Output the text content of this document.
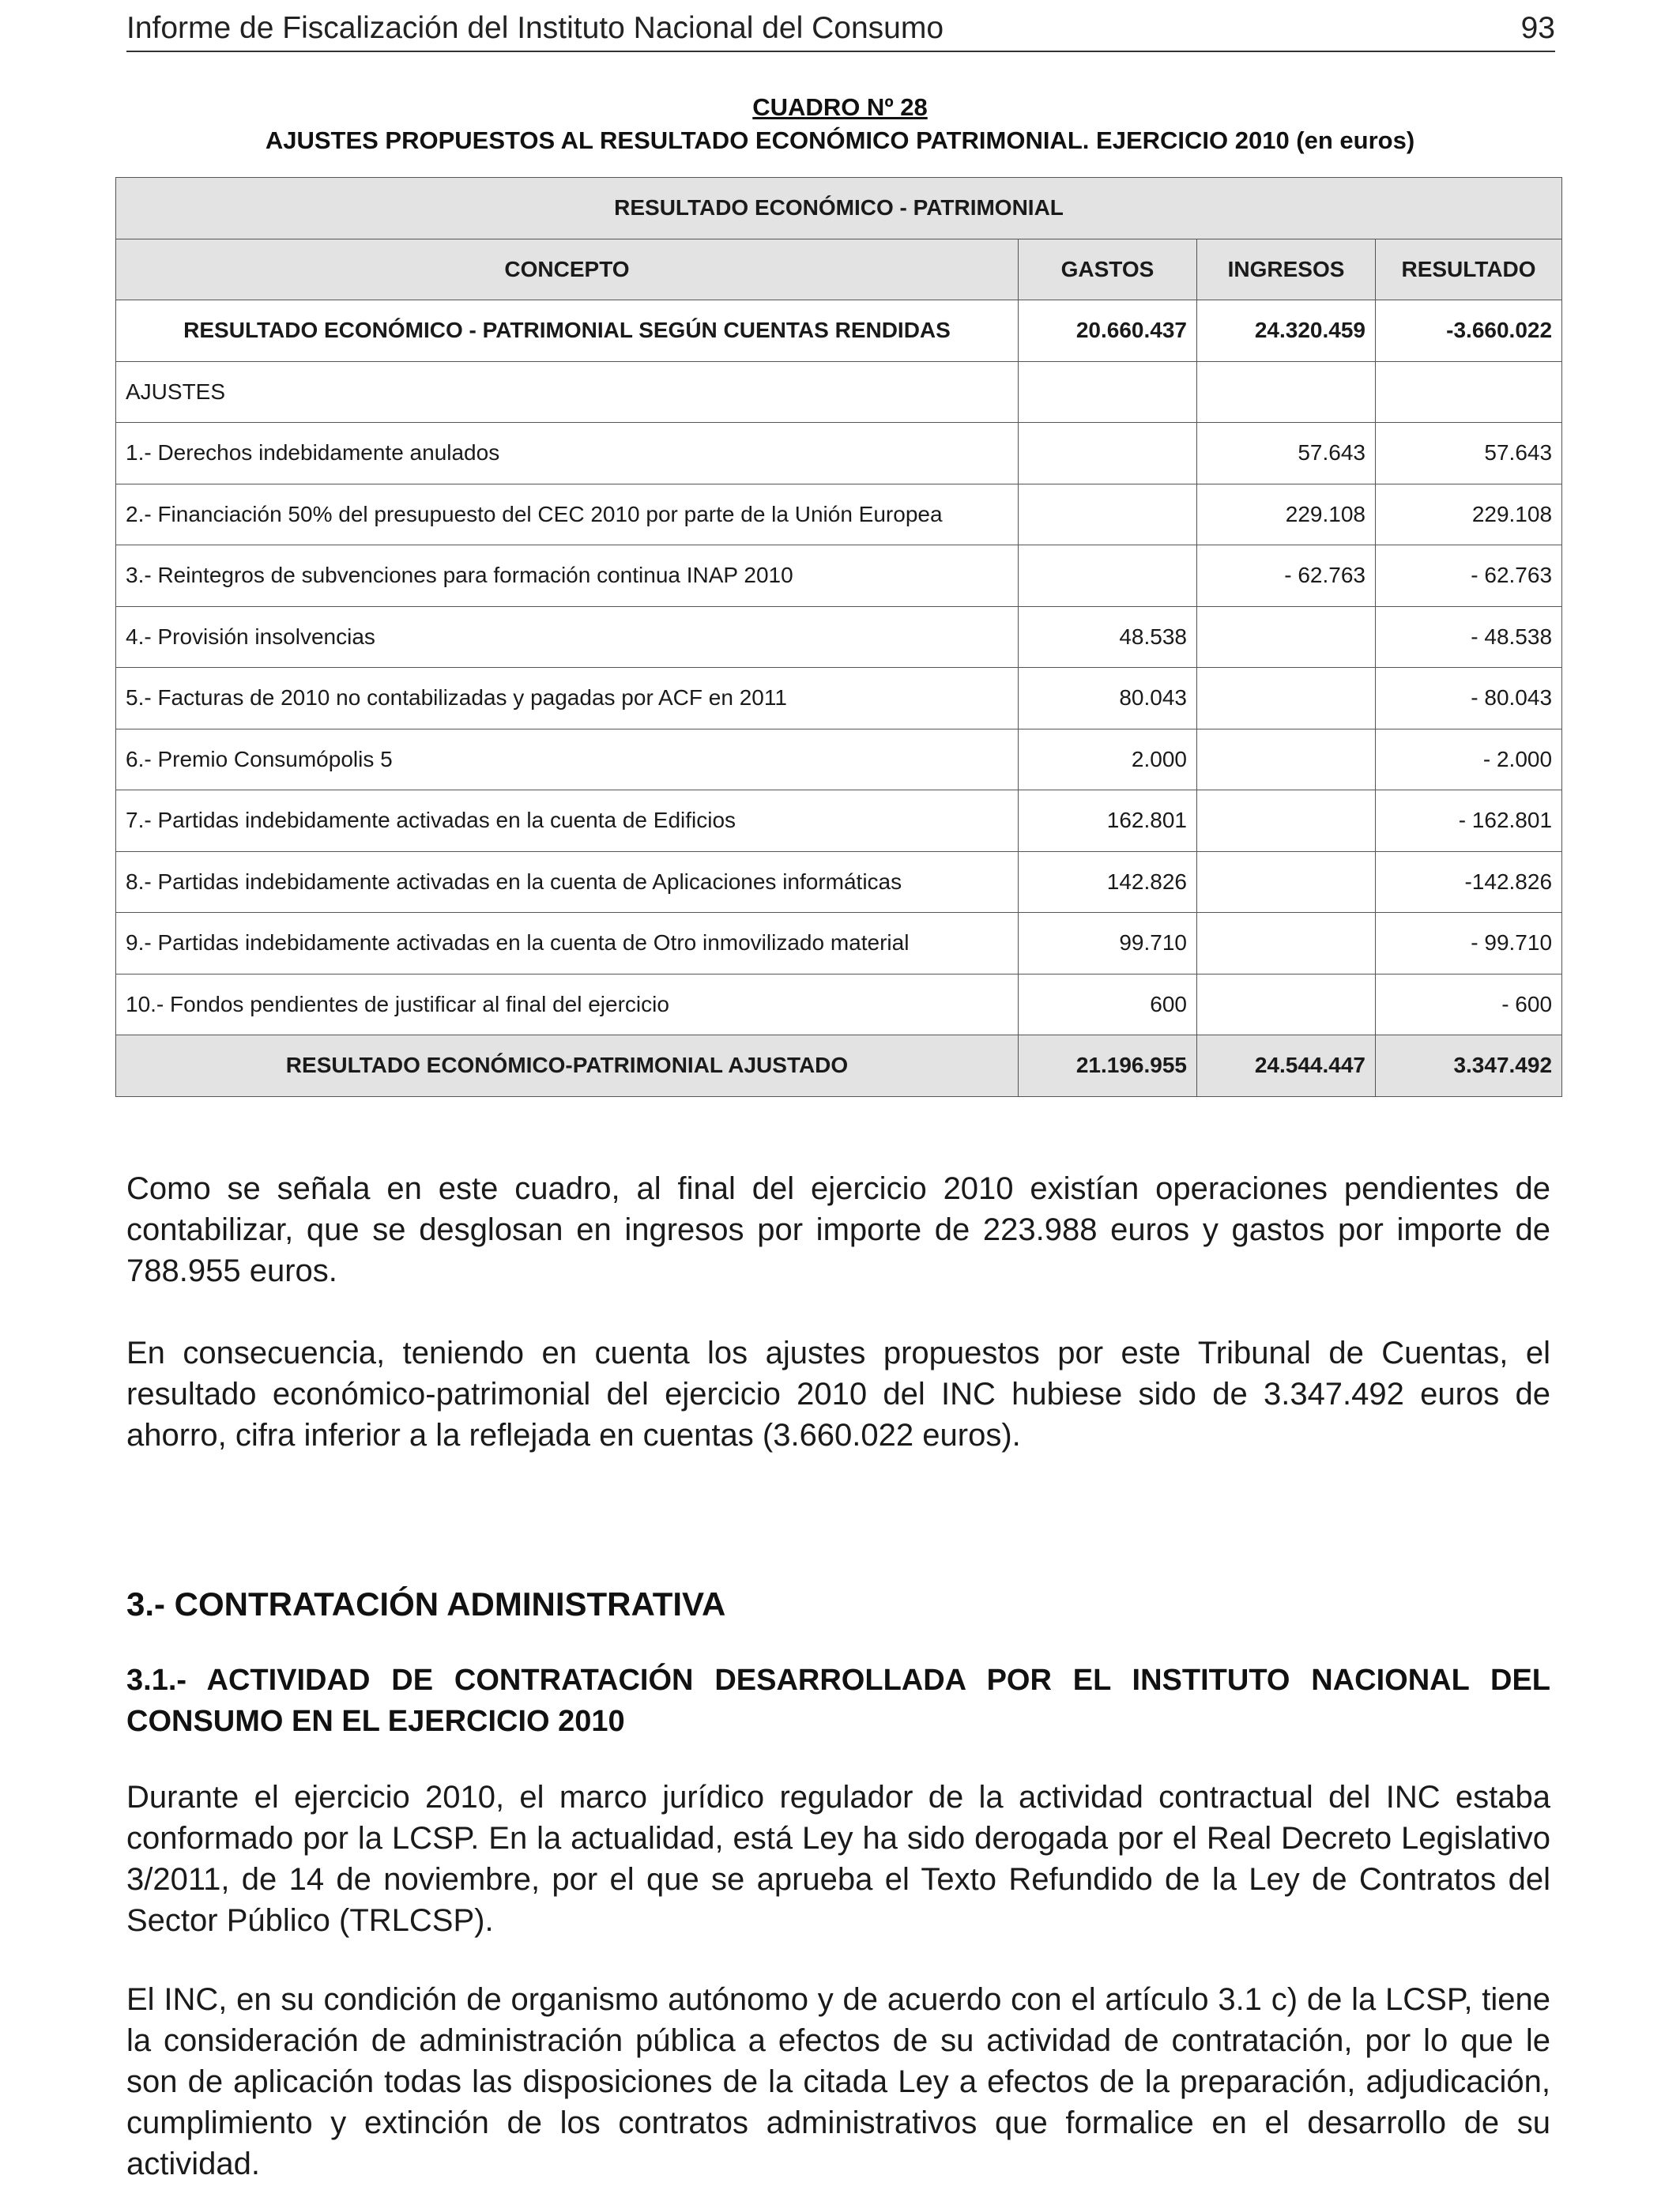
Informe de Fiscalización del Instituto Nacional del Consumo	93
CUADRO Nº 28
AJUSTES PROPUESTOS AL RESULTADO ECONÓMICO PATRIMONIAL. EJERCICIO 2010 (en euros)
RESULTADO ECONÓMICO - PATRIMONIAL			
CONCEPTO	GASTOS	INGRESOS	RESULTADO
RESULTADO ECONÓMICO - PATRIMONIAL SEGÚN CUENTAS RENDIDAS	20.660.437	24.320.459	-3.660.022
AJUSTES			
1.- Derechos indebidamente anulados		57.643	57.643
2.- Financiación 50% del presupuesto del CEC 2010 por parte de la Unión Europea		229.108	229.108
3.- Reintegros de subvenciones para formación continua INAP 2010		- 62.763	- 62.763
4.- Provisión insolvencias	48.538		- 48.538
5.- Facturas de 2010 no contabilizadas y pagadas por ACF en 2011	80.043		- 80.043
6.- Premio Consumópolis 5	2.000		- 2.000
7.- Partidas indebidamente activadas en la cuenta de Edificios	162.801		- 162.801
8.- Partidas indebidamente activadas en la cuenta de Aplicaciones informáticas	142.826		-142.826
9.- Partidas indebidamente activadas en la cuenta de Otro inmovilizado material	99.710		- 99.710
10.- Fondos pendientes de justificar al final del ejercicio	600		- 600
RESULTADO ECONÓMICO-PATRIMONIAL AJUSTADO	21.196.955	24.544.447	3.347.492

Como se señala en este cuadro, al final del ejercicio 2010 existían operaciones pendientes de contabilizar, que se desglosan en ingresos por importe de 223.988 euros y gastos por importe de 788.955 euros.

En consecuencia, teniendo en cuenta los ajustes propuestos por este Tribunal de Cuentas, el resultado económico-patrimonial del ejercicio 2010 del INC hubiese sido de 3.347.492 euros de ahorro, cifra inferior a la reflejada en cuentas (3.660.022 euros).

3.- CONTRATACIÓN ADMINISTRATIVA
3.1.- ACTIVIDAD DE CONTRATACIÓN DESARROLLADA POR EL INSTITUTO NACIONAL DEL CONSUMO EN EL EJERCICIO 2010

Durante el ejercicio 2010, el marco jurídico regulador de la actividad contractual del INC estaba conformado por la LCSP. En la actualidad, está Ley ha sido derogada por el Real Decreto Legislativo 3/2011, de 14 de noviembre, por el que se aprueba el Texto Refundido de la Ley de Contratos del Sector Público (TRLCSP).

El INC, en su condición de organismo autónomo y de acuerdo con el artículo 3.1 c) de la LCSP, tiene la consideración de administración pública a efectos de su actividad de contratación, por lo que le son de aplicación todas las disposiciones de la citada Ley a efectos de la preparación, adjudicación, cumplimiento y extinción de los contratos administrativos que formalice en el desarrollo de su actividad.
